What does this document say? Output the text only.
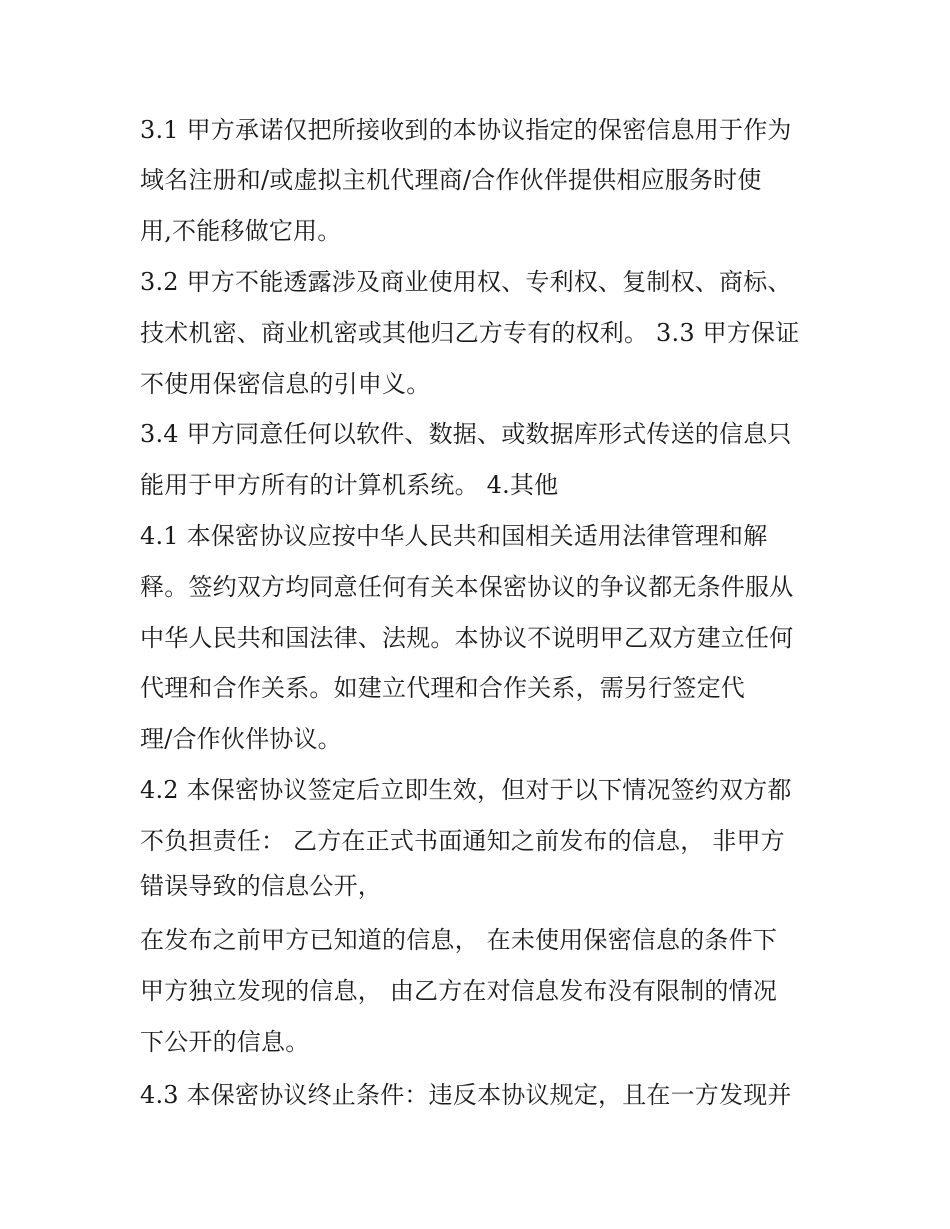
3.1 甲方承诺仅把所接收到的本协议指定的保密信息用于作为
域名注册和/或虚拟主机代理商/合作伙伴提供相应服务时使
用,不能移做它用。
3.2 甲方不能透露涉及商业使用权、专利权、复制权、商标、
技术机密、商业机密或其他归乙方专有的权利。 3.3 甲方保证
不使用保密信息的引申义。
3.4 甲方同意任何以软件、数据、或数据库形式传送的信息只
能用于甲方所有的计算机系统。 4.其他
4.1 本保密协议应按中华人民共和国相关适用法律管理和解
释。签约双方均同意任何有关本保密协议的争议都无条件服从
中华人民共和国法律、法规。本协议不说明甲乙双方建立任何
代理和合作关系。如建立代理和合作关系，需另行签定代
理/合作伙伴协议。
4.2 本保密协议签定后立即生效，但对于以下情况签约双方都
不负担责任： 乙方在正式书面通知之前发布的信息， 非甲方
错误导致的信息公开，
在发布之前甲方已知道的信息， 在未使用保密信息的条件下
甲方独立发现的信息， 由乙方在对信息发布没有限制的情况
下公开的信息。
4.3 本保密协议终止条件：违反本协议规定，且在一方发现并
